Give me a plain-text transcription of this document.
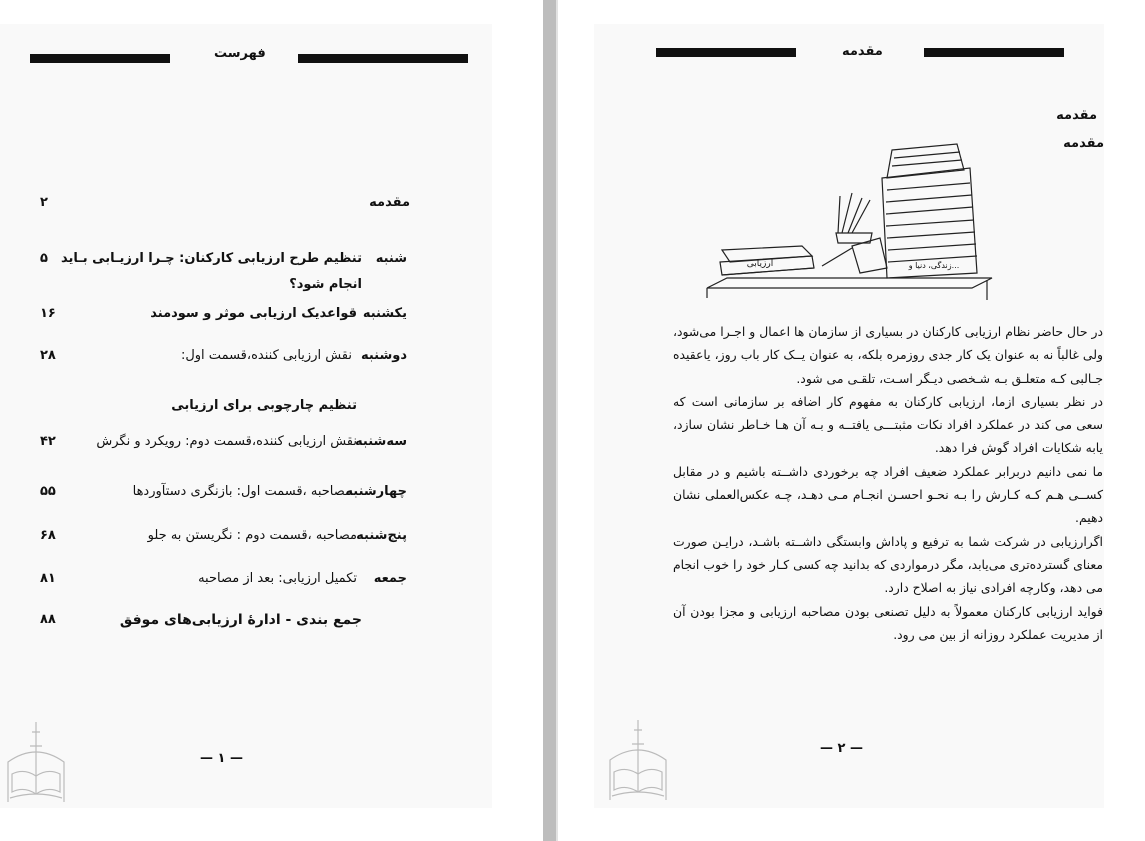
فهرست
مقدمه
۲
شنبه
تنظیم طرح ارزیابی کارکنان: چـرا ارزیـابی بـاید
۵
انجام شود؟
یکشنبه
قواعدیک ارزیابی موثر و سودمند
۱۶
دوشنبه
نقش ارزیابی کننده،قسمت اول:
۲۸
تنظیم چارچوبی برای ارزیابی
سه‌شنبه
نقش ارزیابی کننده،قسمت دوم: رویکرد و نگرش
۴۲
چهارشنبه
مصاحبه ،قسمت اول: بازنگری دستآوردها
۵۵
پنج‌شنبه
مصاحبه ،قسمت دوم : نگریستن به جلو
۶۸
جمعه
تکمیل ارزیابی: بعد از مصاحبه
۸۱
جمع بندی - ادارهٔ ارزیابی‌های موفق
۸۸
— ۱ —
مقدمه
مقدمه
مقدمه
ارزیابی	زندگی، دنیا و...

در حال حاضر نظام ارزیابی کارکنان در بسیاری از سازمان ها اعمال و اجـرا می‌شود، ولی غالباً نه به عنوان یک کار جدی روزمره بلکه، به عنوان یــک کار باب روز، یاعقیده جـالبی کـه متعلـق بـه شـخصی دیـگر اسـت، تلقـی می شود.

در نظر بسیاری ازما، ارزیابی کارکنان به مفهوم کار اضافه بر سازمانی است که سعی می کند در عملکرد افراد نکات مثبتـــی یافتــه و بـه آن هـا خـاطر نشان سازد، یابه شکایات افراد گوش فرا دهد.

ما نمی دانیم دربرابر عملکرد ضعیف افراد چه برخوردی داشــته باشیم و در مقابل کســی هـم کـه کـارش را بـه نحـو احسـن انجـام مـی دهـد، چـه عکس‌العملی نشان دهیم.

اگرارزیابی در شرکت شما به ترفیع و پاداش وابستگی داشــته باشـد، درایـن صورت معنای گسترده‌تری می‌یابد، مگر درمواردی که بدانید چه کسی کـار خود را خوب انجام می دهد، وکارچه افرادی نیاز به اصلاح دارد.

فواید ارزیابی کارکنان معمولاً به دلیل تصنعی بودن مصاحبه ارزیابی و مجزا بودن آن از مدیریت عملکرد روزانه از بین می رود.

— ۲ —
